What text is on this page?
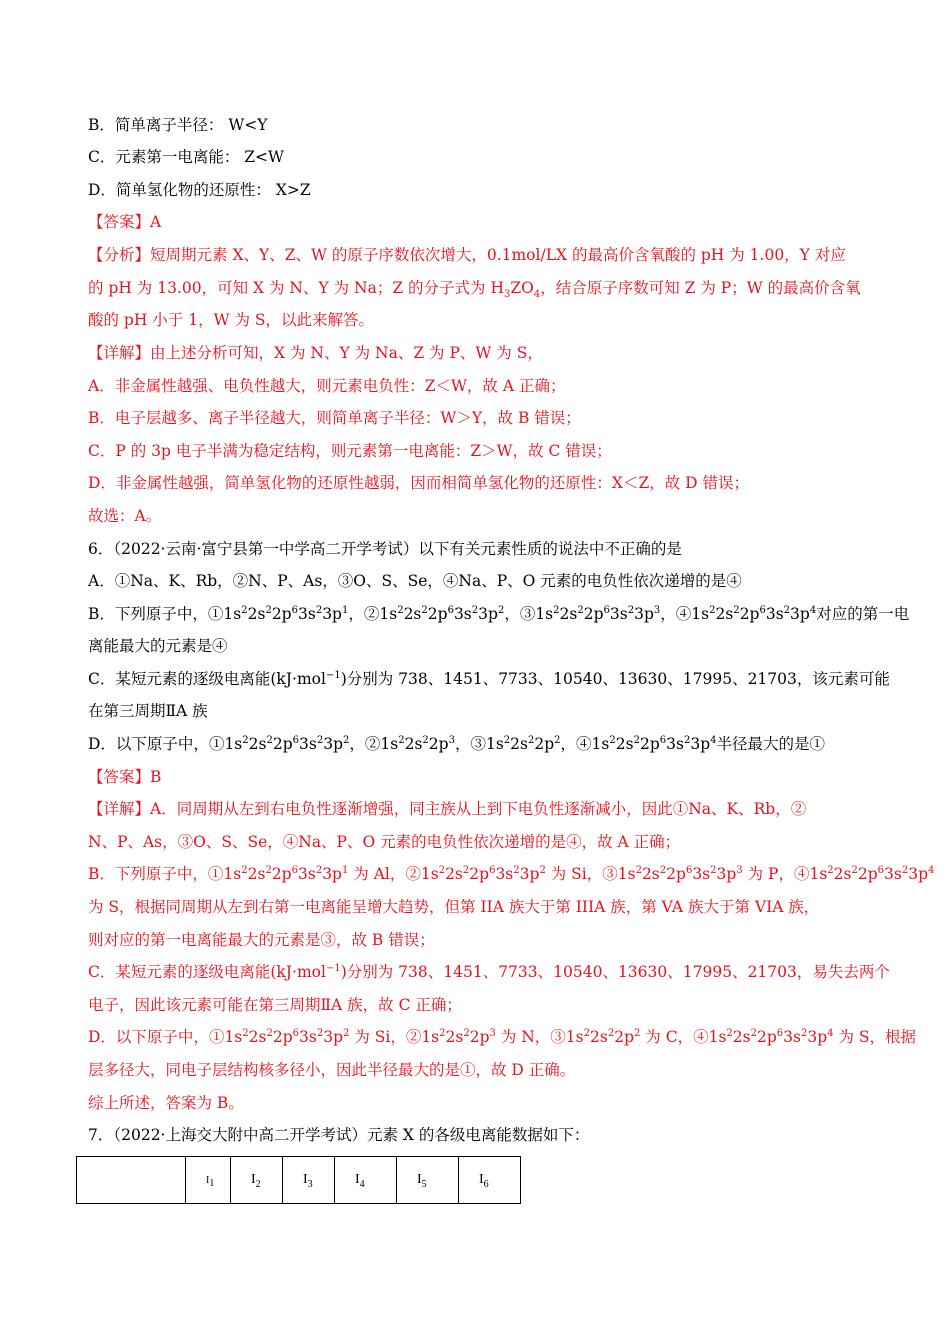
B．简单离子半径： W<Y
C．元素第一电离能： Z<W
D．简单氢化物的还原性： X>Z
【答案】A
【分析】短周期元素 X、Y、Z、W 的原子序数依次增大，0.1mol/LX 的最高价含氧酸的 pH 为 1.00，Y 对应
的 pH 为 13.00，可知 X 为 N、Y 为 Na；Z 的分子式为 $H_3ZO_4$，结合原子序数可知 Z 为 P；W 的最高价含氧
酸的 pH 小于 1，W 为 S，以此来解答。
【详解】由上述分析可知，X 为 N、Y 为 Na、Z 为 P、W 为 S，
A．非金属性越强、电负性越大，则元素电负性：Z＜W，故 A 正确；
B．电子层越多、离子半径越大，则简单离子半径：W＞Y，故 B 错误；
C．P 的 3p 电子半满为稳定结构，则元素第一电离能：Z＞W，故 C 错误；
D．非金属性越强，简单氢化物的还原性越弱，因而相简单氢化物的还原性：X＜Z，故 D 错误；
故选：A。
6．（2022·云南·富宁县第一中学高二开学考试）以下有关元素性质的说法中不正确的是
A．①Na、K、Rb，②N、P、As，③O、S、Se，④Na、P、O 元素的电负性依次递增的是④
B．下列原子中，$①1s^22s^22p^63s^23p^1$，$②1s^22s^22p^63s^23p^2$，$③1s^22s^22p^63s^23p^3$，$④1s^22s^22p^63s^23p^4$对应的第一电
离能最大的元素是④
C．某短元素的逐级电离能(kJ·mol$^{-1}$)分别为 738、1451、7733、10540、13630、17995、21703，该元素可能
在第三周期ⅡA 族
D．以下原子中，$①1s^22s^22p^63s^23p^2$，$②1s^22s^22p^3$，$③1s^22s^22p^2$，$④1s^22s^22p^63s^23p^4$半径最大的是①
【答案】B
【详解】A．同周期从左到右电负性逐渐增强，同主族从上到下电负性逐渐减小，因此①Na、K、Rb，②
N、P、As，③O、S、Se，④Na、P、O 元素的电负性依次递增的是④，故 A 正确；
B．下列原子中，$①1s^22s^22p^63s^23p^1$ 为 Al，$②1s^22s^22p^63s^23p^2$ 为 Si，$③1s^22s^22p^63s^23p^3$ 为 P，$④1s^22s^22p^63s^23p^4$
为 S，根据同周期从左到右第一电离能呈增大趋势，但第 IIA 族大于第 IIIA 族，第 VA 族大于第 VIA 族，
则对应的第一电离能最大的元素是③，故 B 错误；
C．某短元素的逐级电离能(kJ·mol$^{-1}$)分别为 738、1451、7733、10540、13630、17995、21703，易失去两个
电子，因此该元素可能在第三周期ⅡA 族，故 C 正确；
D．以下原子中，$①1s^22s^22p^63s^23p^2$ 为 Si，$②1s^22s^22p^3$ 为 N，$③1s^22s^22p^2$ 为 C，$④1s^22s^22p^63s^23p^4$ 为 S，根据
层多径大，同电子层结构核多径小，因此半径最大的是①，故 D 正确。
综上所述，答案为 B。
7．（2022·上海交大附中高二开学考试）元素 X 的各级电离能数据如下：
	$I_1$	$I_2$	$I_3$	$I_4$	$I_5$	$I_6$
